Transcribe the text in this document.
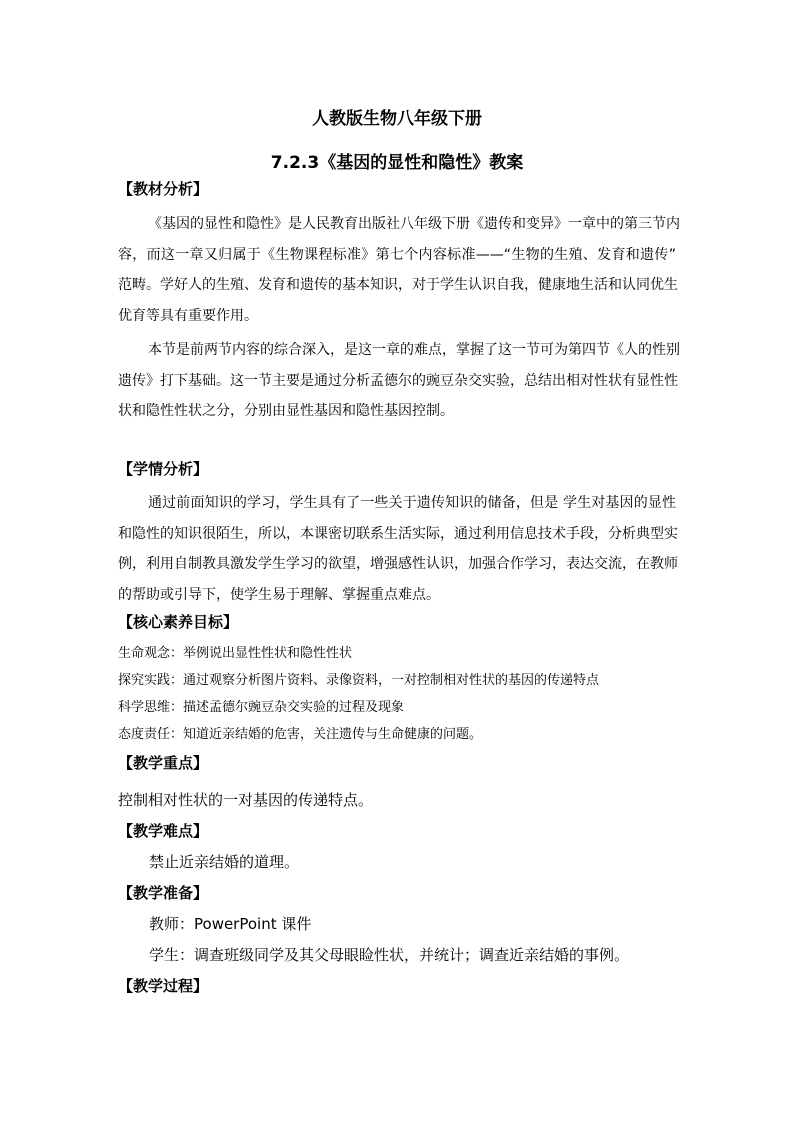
人教版生物八年级下册
7.2.3《基因的显性和隐性》教案
【教材分析】
《基因的显性和隐性》是人民教育出版社八年级下册《遗传和变异》一章中的第三节内
容，而这一章又归属于《生物课程标准》第七个内容标准——“生物的生殖、发育和遗传”
范畴。学好人的生殖、发育和遗传的基本知识，对于学生认识自我，健康地生活和认同优生
优育等具有重要作用。
本节是前两节内容的综合深入，是这一章的难点，掌握了这一节可为第四节《人的性别
遗传》打下基础。这一节主要是通过分析孟德尔的豌豆杂交实验，总结出相对性状有显性性
状和隐性性状之分，分别由显性基因和隐性基因控制。
【学情分析】
通过前面知识的学习，学生具有了一些关于遗传知识的储备，但是 学生对基因的显性
和隐性的知识很陌生，所以，本课密切联系生活实际，通过利用信息技术手段，分析典型实
例，利用自制教具激发学生学习的欲望，增强感性认识，加强合作学习，表达交流，在教师
的帮助或引导下，使学生易于理解、掌握重点难点。
【核心素养目标】
生命观念：举例说出显性性状和隐性性状
探究实践：通过观察分析图片资料、录像资料，一对控制相对性状的基因的传递特点
科学思维：描述孟德尔豌豆杂交实验的过程及现象
态度责任：知道近亲结婚的危害，关注遗传与生命健康的问题。
【教学重点】
控制相对性状的一对基因的传递特点。
【教学难点】
禁止近亲结婚的道理。
【教学准备】
教师：PowerPoint 课件
学生：调查班级同学及其父母眼睑性状，并统计；调查近亲结婚的事例。
【教学过程】
